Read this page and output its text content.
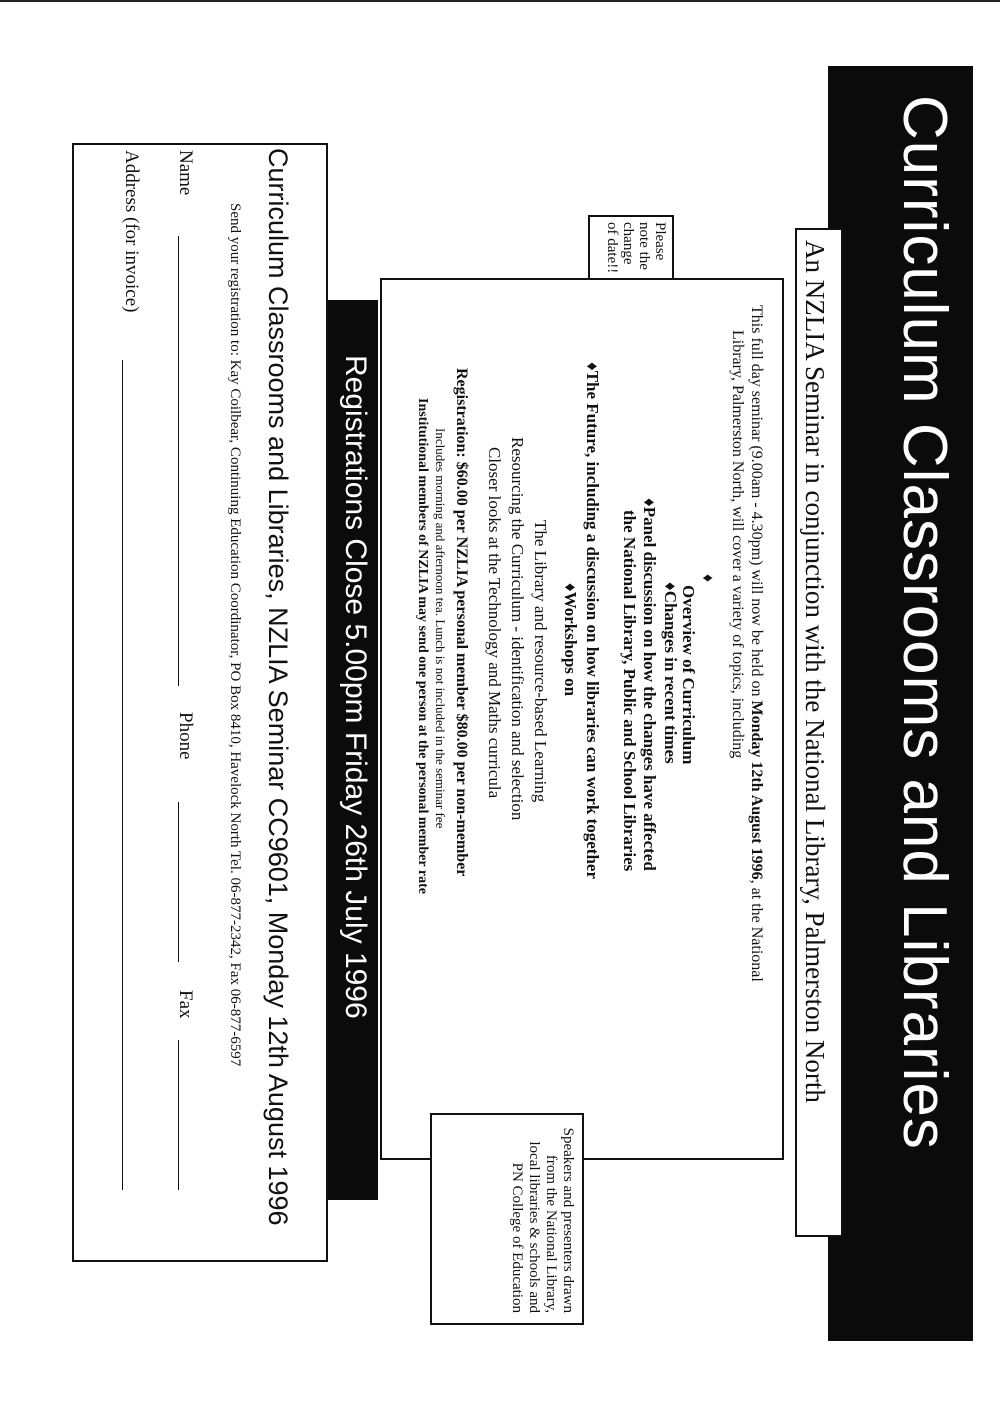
Curriculum Classrooms and Libraries
An NZLIA Seminar in conjunction with the National Library, Palmerston North
Please note the change of date!!
This full day seminar (9.00am - 4.30pm) will now be held on Monday 12th August 1996, at the National
Library, Palmerston North, will cover a variety of topics, including
♦
Overview of Curriculum
♦Changes in recent times
♦Panel discussion on how the changes have affected
the National Library, Public and School Libraries
♦The Future, including a discussion on how libraries can work together
♦Workshops on
The Library and resource-based Learning
Resourcing the Curriculum - identification and selection
Closer looks at the Technology and Maths curricula
Registration: $60.00 per NZLIA personal member $80.00 per non-member
Includes morning and afternoon tea. Lunch is not included in the seminar fee
Institutional members of NZLIA may send one person at the personal member rate
Speakers and presenters drawn from the National Library, local libraries & schools and PN College of Education
Registrations Close 5.00pm Friday 26th July 1996
Curriculum Classrooms and Libraries, NZLIA Seminar CC9601, Monday 12th August 1996
Send your registration to: Kay Coilbear, Continuing Education Coordinator, PO Box 8410, Havelock North Tel. 06-877-2342, Fax 06-877-6597
Name
Phone
Fax
Address (for invoice)
